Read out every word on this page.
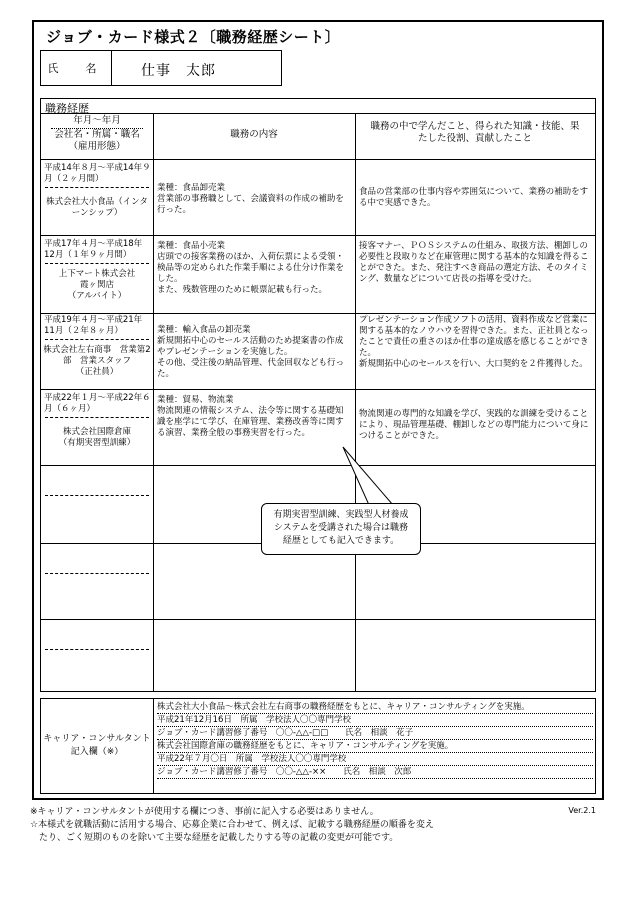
ジョブ・カード様式２〔職務経歴シート〕
氏　名	仕事　太郎
職務経歴
年月～年月
会社名・所属・職名（雇用形態）
職務の内容
職務の中で学んだこと、得られた知識・技能、果たした役割、貢献したこと
平成14年８月～平成14年９月（２ヶ月間）
株式会社大小食品（インターンシップ）
業種：食品卸売業
営業部の事務職として、会議資料の作成の補助を行った。
食品の営業部の仕事内容や雰囲気について、業務の補助をする中で実感できた。
平成17年４月～平成18年12月（１年９ヶ月間）
上下マート株式会社
霞ヶ関店
（アルバイト）
業種：食品小売業
店頭での接客業務のほか、入荷伝票による受領・検品等の定められた作業手順による仕分け作業をした。
また、残数管理のために帳票記載も行った。
接客マナー、ＰＯＳシステムの仕組み、取扱方法、棚卸しの必要性と段取りなど在庫管理に関する基本的な知識を得ることができた。また、発注すべき商品の選定方法、そのタイミング、数量などについて店長の指導を受けた。
平成19年４月～平成21年11月（２年８ヶ月）
株式会社左右商事　営業第2部　営業スタッフ
（正社員）
業種：輸入食品の卸売業
新規開拓中心のセールス活動のため提案書の作成やプレゼンテーションを実施した。
その他、受注後の納品管理、代金回収なども行った。
プレゼンテーション作成ソフトの活用、資料作成など営業に関する基本的なノウハウを習得できた。また、正社員となったことで責任の重さのほか仕事の達成感を感じることができた。
新規開拓中心のセールスを行い、大口契約を２件獲得した。
平成22年１月～平成22年６月（６ヶ月）
株式会社国際倉庫
（有期実習型訓練）
業種：貿易、物流業
物流関連の情報システム、法令等に関する基礎知識を座学にて学び、在庫管理、業務改善等に関する演習、業務全般の事務実習を行った。
物流関連の専門的な知識を学び、実践的な訓練を受けることにより、現品管理基礎、棚卸しなどの専門能力について身につけることができた。
有期実習型訓練、実践型人材養成システムを受講された場合は職務経歴としても記入できます。
キャリア・コンサルタント
記入欄（※）
株式会社大小食品～株式会社左右商事の職務経歴をもとに、キャリア・コンサルティングを実施。
平成21年12月16日　所属　学校法人〇〇専門学校
ジョブ・カード講習修了番号　〇〇-△△-□□　　氏名　相談　花子
株式会社国際倉庫の職務経歴をもとに、キャリア・コンサルティングを実施。
平成22年７月〇日　所属　学校法人〇〇専門学校
ジョブ・カード講習修了番号　〇〇-△△-××　　氏名　相談　次郎
※キャリア・コンサルタントが使用する欄につき、事前に記入する必要はありません。
☆本様式を就職活動に活用する場合、応募企業に合わせて、例えば、記載する職務経歴の順番を変え
　たり、ごく短期のものを除いて主要な経歴を記載したりする等の記載の変更が可能です。
Ver.2.1
